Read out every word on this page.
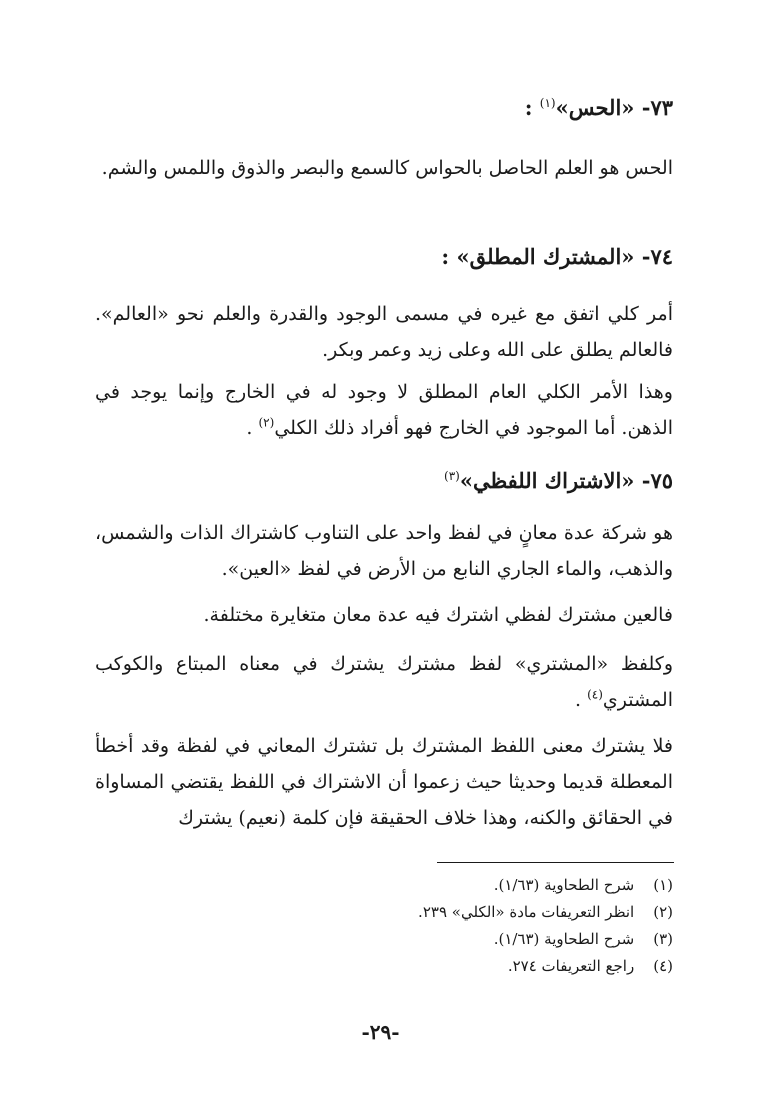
٧٣- «الحس»$^{(١)}$ :
الحس هو العلم الحاصل بالحواس كالسمع والبصر والذوق واللمس والشم.
٧٤- «المشترك المطلق» :
أمر كلي اتفق مع غيره في مسمى الوجود والقدرة والعلم نحو «العالم». فالعالم يطلق على الله وعلى زيد وعمر وبكر.
وهذا الأمر الكلي العام المطلق لا وجود له في الخارج وإنما يوجد في الذهن. أما الموجود في الخارج فهو أفراد ذلك الكلي$^{(٢)}$ .
٧٥- «الاشتراك اللفظي»$^{(٣)}$
هو شركة عدة معانٍ في لفظ واحد على التناوب كاشتراك الذات والشمس، والذهب، والماء الجاري النابع من الأرض في لفظ «العين».
فالعين مشترك لفظي اشترك فيه عدة معان متغايرة مختلفة.
وكلفظ «المشتري» لفظ مشترك يشترك في معناه المبتاع والكوكب المشتري$^{(٤)}$ .
فلا يشترك معنى اللفظ المشترك بل تشترك المعاني في لفظة وقد أخطأ المعطلة قديما وحديثا حيث زعموا أن الاشتراك في اللفظ يقتضي المساواة في الحقائق والكنه، وهذا خلاف الحقيقة فإن كلمة (نعيم) يشترك
(١) شرح الطحاوية (١/٦٣).
(٢) انظر التعريفات مادة «الكلي» ٢٣٩.
(٣) شرح الطحاوية (١/٦٣).
(٤) راجع التعريفات ٢٧٤.
-٢٩-
